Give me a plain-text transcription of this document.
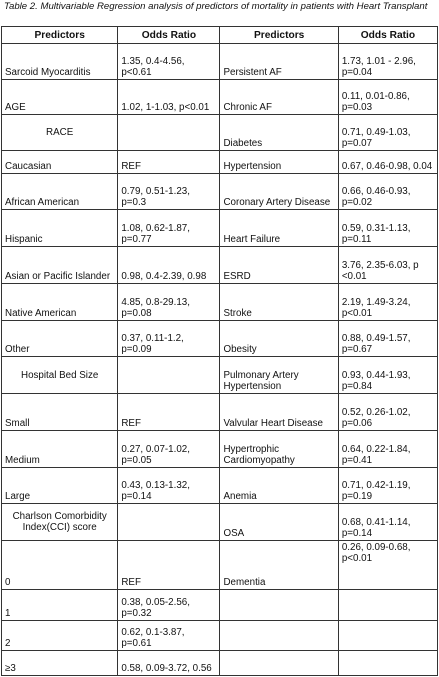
Table 2. Multivariable Regression analysis of predictors of mortality in patients with Heart Transplant
Predictors	Odds Ratio	Predictors	Odds Ratio
Sarcoid Myocarditis	1.35, 0.4-4.56, p<0.61	Persistent AF	1.73, 1.01 - 2.96, p=0.04
AGE	1.02, 1-1.03, p<0.01	Chronic AF	0.11, 0.01-0.86, p=0.03
RACE		Diabetes	0.71, 0.49-1.03, p=0.07
Caucasian	REF	Hypertension	0.67, 0.46-0.98, 0.04
African American	0.79, 0.51-1.23, p=0.3	Coronary Artery Disease	0.66, 0.46-0.93, p=0.02
Hispanic	1.08, 0.62-1.87, p=0.77	Heart Failure	0.59, 0.31-1.13, p=0.11
Asian or Pacific Islander	0.98, 0.4-2.39, 0.98	ESRD	3.76, 2.35-6.03, p <0.01
Native American	4.85, 0.8-29.13, p=0.08	Stroke	2.19, 1.49-3.24, p<0.01
Other	0.37, 0.11-1.2, p=0.09	Obesity	0.88, 0.49-1.57, p=0.67
Hospital Bed Size		Pulmonary Artery Hypertension	0.93, 0.44-1.93, p=0.84
Small	REF	Valvular Heart Disease	0.52, 0.26-1.02, p=0.06
Medium	0.27, 0.07-1.02, p=0.05	Hypertrophic Cardiomyopathy	0.64, 0.22-1.84, p=0.41
Large	0.43, 0.13-1.32, p=0.14	Anemia	0.71, 0.42-1.19, p=0.19
Charlson Comorbidity Index(CCI) score		OSA	0.68, 0.41-1.14, p=0.14
0	REF	Dementia	0.26, 0.09-0.68, p<0.01
1	0.38, 0.05-2.56, p=0.32		
2	0.62, 0.1-3.87, p=0.61		
≥3	0.58, 0.09-3.72, 0.56		
